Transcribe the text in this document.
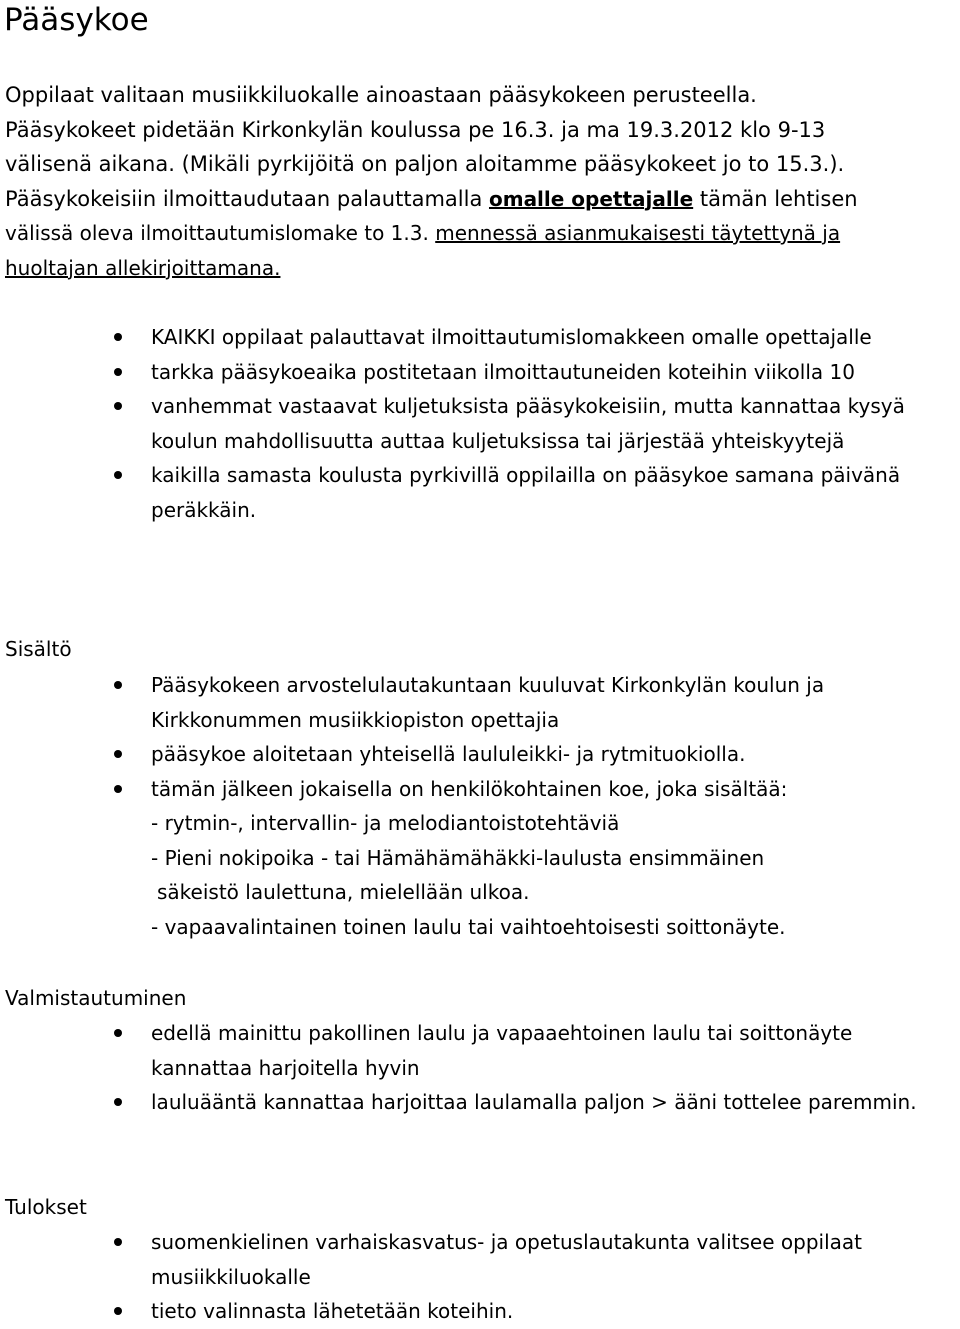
Pääsykoe
Oppilaat valitaan musiikkiluokalle ainoastaan pääsykokeen perusteella.
Pääsykokeet pidetään Kirkonkylän koulussa pe 16.3. ja ma 19.3.2012 klo 9-13
välisenä aikana. (Mikäli pyrkijöitä on paljon aloitamme pääsykokeet jo to 15.3.).
Pääsykokeisiin ilmoittaudutaan palauttamalla omalle opettajalle tämän lehtisen
välissä oleva ilmoittautumislomake to 1.3. mennessä asianmukaisesti täytettynä ja
huoltajan allekirjoittamana.
KAIKKI oppilaat palauttavat ilmoittautumislomakkeen omalle opettajalle
tarkka pääsykoeaika postitetaan ilmoittautuneiden koteihin viikolla 10
vanhemmat vastaavat kuljetuksista pääsykokeisiin, mutta kannattaa kysyä koulun mahdollisuutta auttaa kuljetuksissa tai järjestää yhteiskyytejä
kaikilla samasta koulusta pyrkivillä oppilailla on pääsykoe samana päivänä peräkkäin.
Sisältö
Pääsykokeen arvostelulautakuntaan kuuluvat Kirkonkylän koulun ja Kirkkonummen musiikkiopiston opettajia
pääsykoe aloitetaan yhteisellä laululeikki- ja rytmituokiolla.
tämän jälkeen jokaisella on henkilökohtainen koe, joka sisältää:
- rytmin-, intervallin- ja melodiantoistotehtäviä
- Pieni nokipoika - tai Hämähämähäkki-laulusta ensimmäinen
säkeistö laulettuna, mielellään ulkoa.
- vapaavalintainen toinen laulu tai vaihtoehtoisesti soittonäyte.
Valmistautuminen
edellä mainittu pakollinen laulu ja vapaaehtoinen laulu tai soittonäyte kannattaa harjoitella hyvin
lauluääntä kannattaa harjoittaa laulamalla paljon > ääni tottelee paremmin.
Tulokset
suomenkielinen varhaiskasvatus- ja opetuslautakunta valitsee oppilaat musiikkiluokalle
tieto valinnasta lähetetään koteihin.
